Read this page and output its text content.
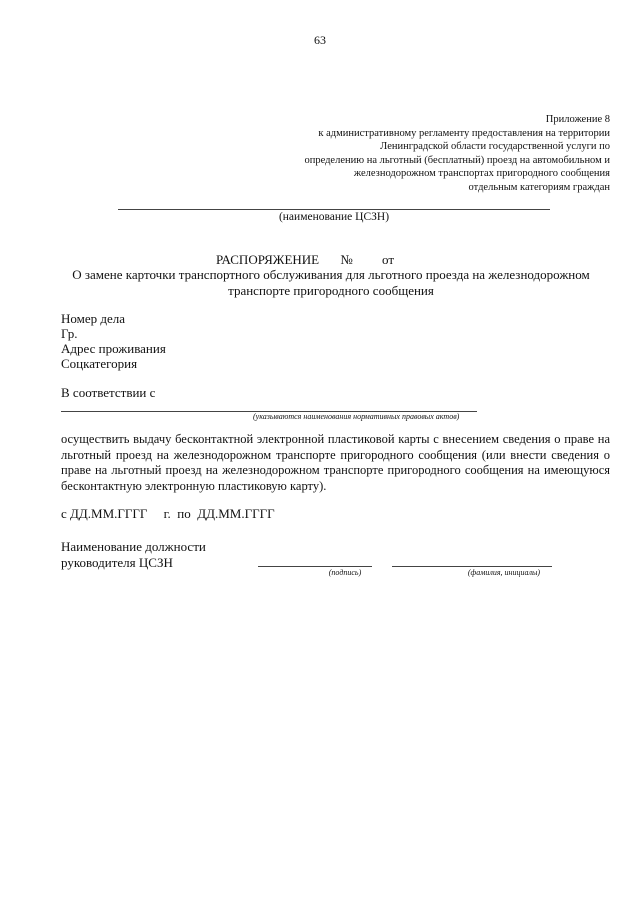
63
Приложение 8
к административному регламенту предоставления на территории
Ленинградской области государственной услуги по
определению на льготный (бесплатный) проезд на автомобильном и
железнодорожном транспортах пригородного сообщения
отдельным категориям граждан
(наименование ЦСЗН)
РАСПОРЯЖЕНИЕ № от
О замене карточки транспортного обслуживания для льготного проезда на железнодорожном
транспорте пригородного сообщения
Номер дела
Гр.
Адрес проживания
Соцкатегория
В соответствии с
(указываются наименования нормативных правовых актов)
осуществить выдачу бесконтактной электронной пластиковой карты с внесением сведения о праве на льготный проезд на железнодорожном транспорте пригородного сообщения (или внести сведения о праве на льготный проезд на железнодорожном транспорте пригородного сообщения на имеющуюся бесконтактную электронную пластиковую карту).
с ДД.ММ.ГГГГ     г.  по  ДД.ММ.ГГГГ
Наименование должности
руководителя ЦСЗН
(подпись)	(фамилия, инициалы)
